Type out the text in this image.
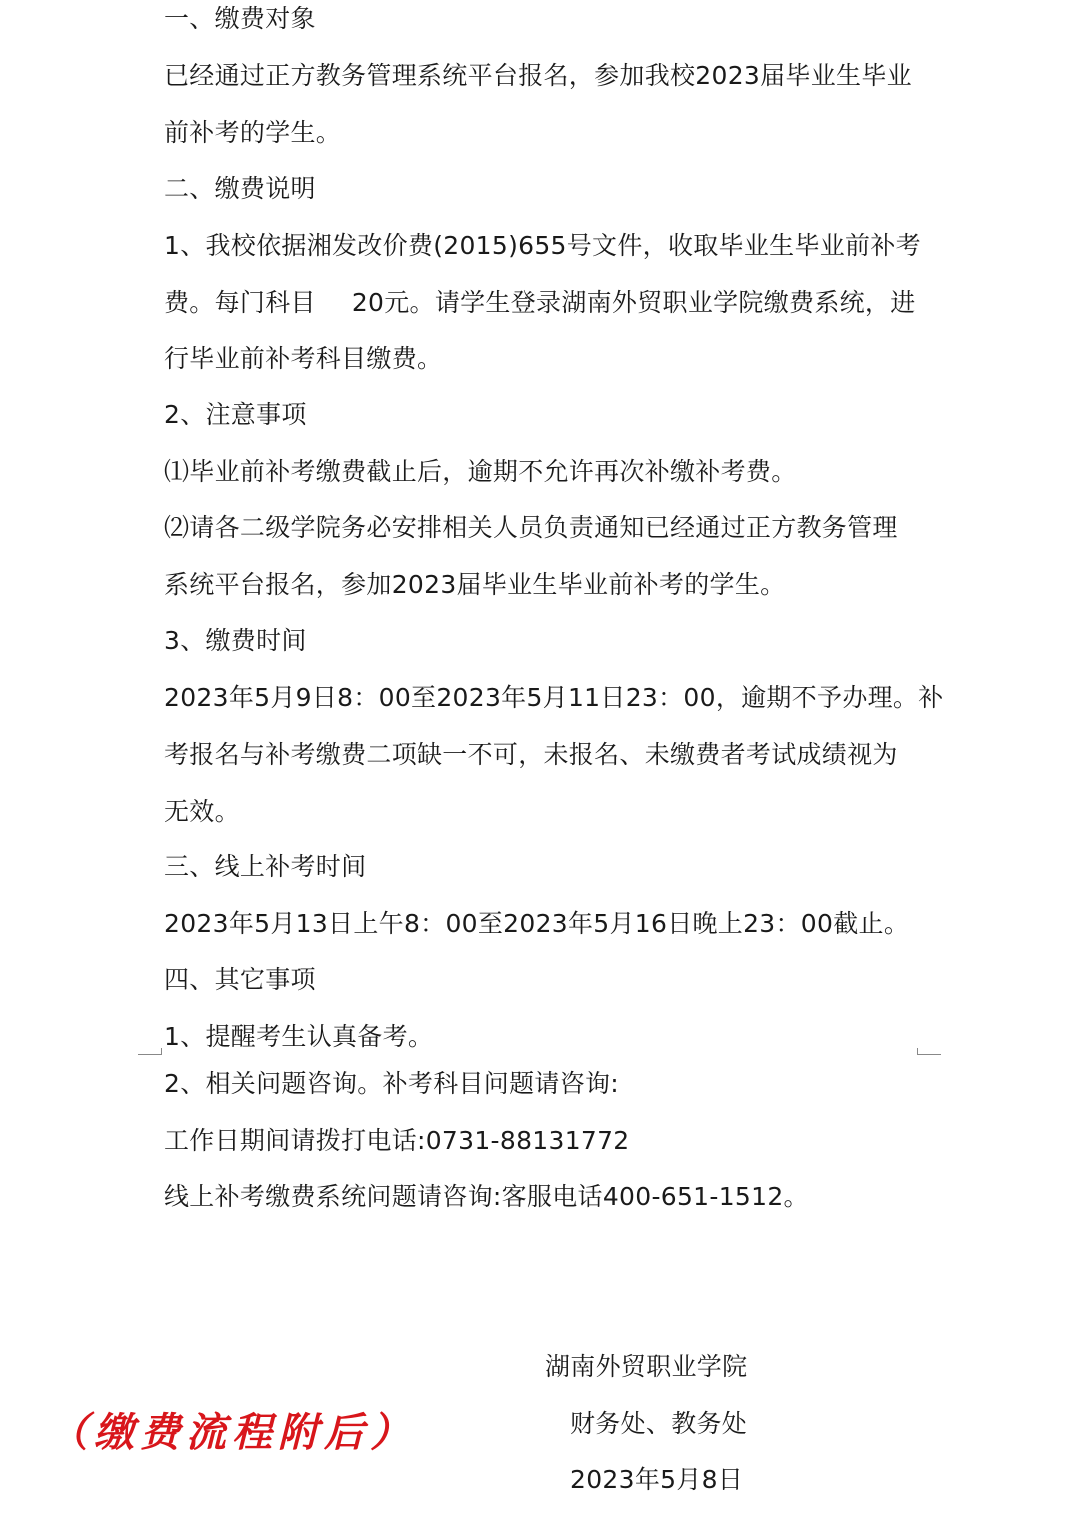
一、缴费对象
已经通过正方教务管理系统平台报名，参加我校2023届毕业生毕业
前补考的学生。
二、缴费说明
1、我校依据湘发改价费(2015)655号文件，收取毕业生毕业前补考
费。每门科目 20元。请学生登录湖南外贸职业学院缴费系统，进
行毕业前补考科目缴费。
2、注意事项
⑴毕业前补考缴费截止后，逾期不允许再次补缴补考费。
⑵请各二级学院务必安排相关人员负责通知已经通过正方教务管理
系统平台报名，参加2023届毕业生毕业前补考的学生。
3、缴费时间
2023年5月9日8：00至2023年5月11日23：00，逾期不予办理。补
考报名与补考缴费二项缺一不可，未报名、未缴费者考试成绩视为
无效。
三、线上补考时间
2023年5月13日上午8：00至2023年5月16日晚上23：00截止。
四、其它事项
1、提醒考生认真备考。
2、相关问题咨询。补考科目问题请咨询:
工作日期间请拨打电话:0731-88131772
线上补考缴费系统问题请咨询:客服电话400-651-1512。
湖南外贸职业学院
财务处、教务处
2023年5月8日
（缴费流程附后）
